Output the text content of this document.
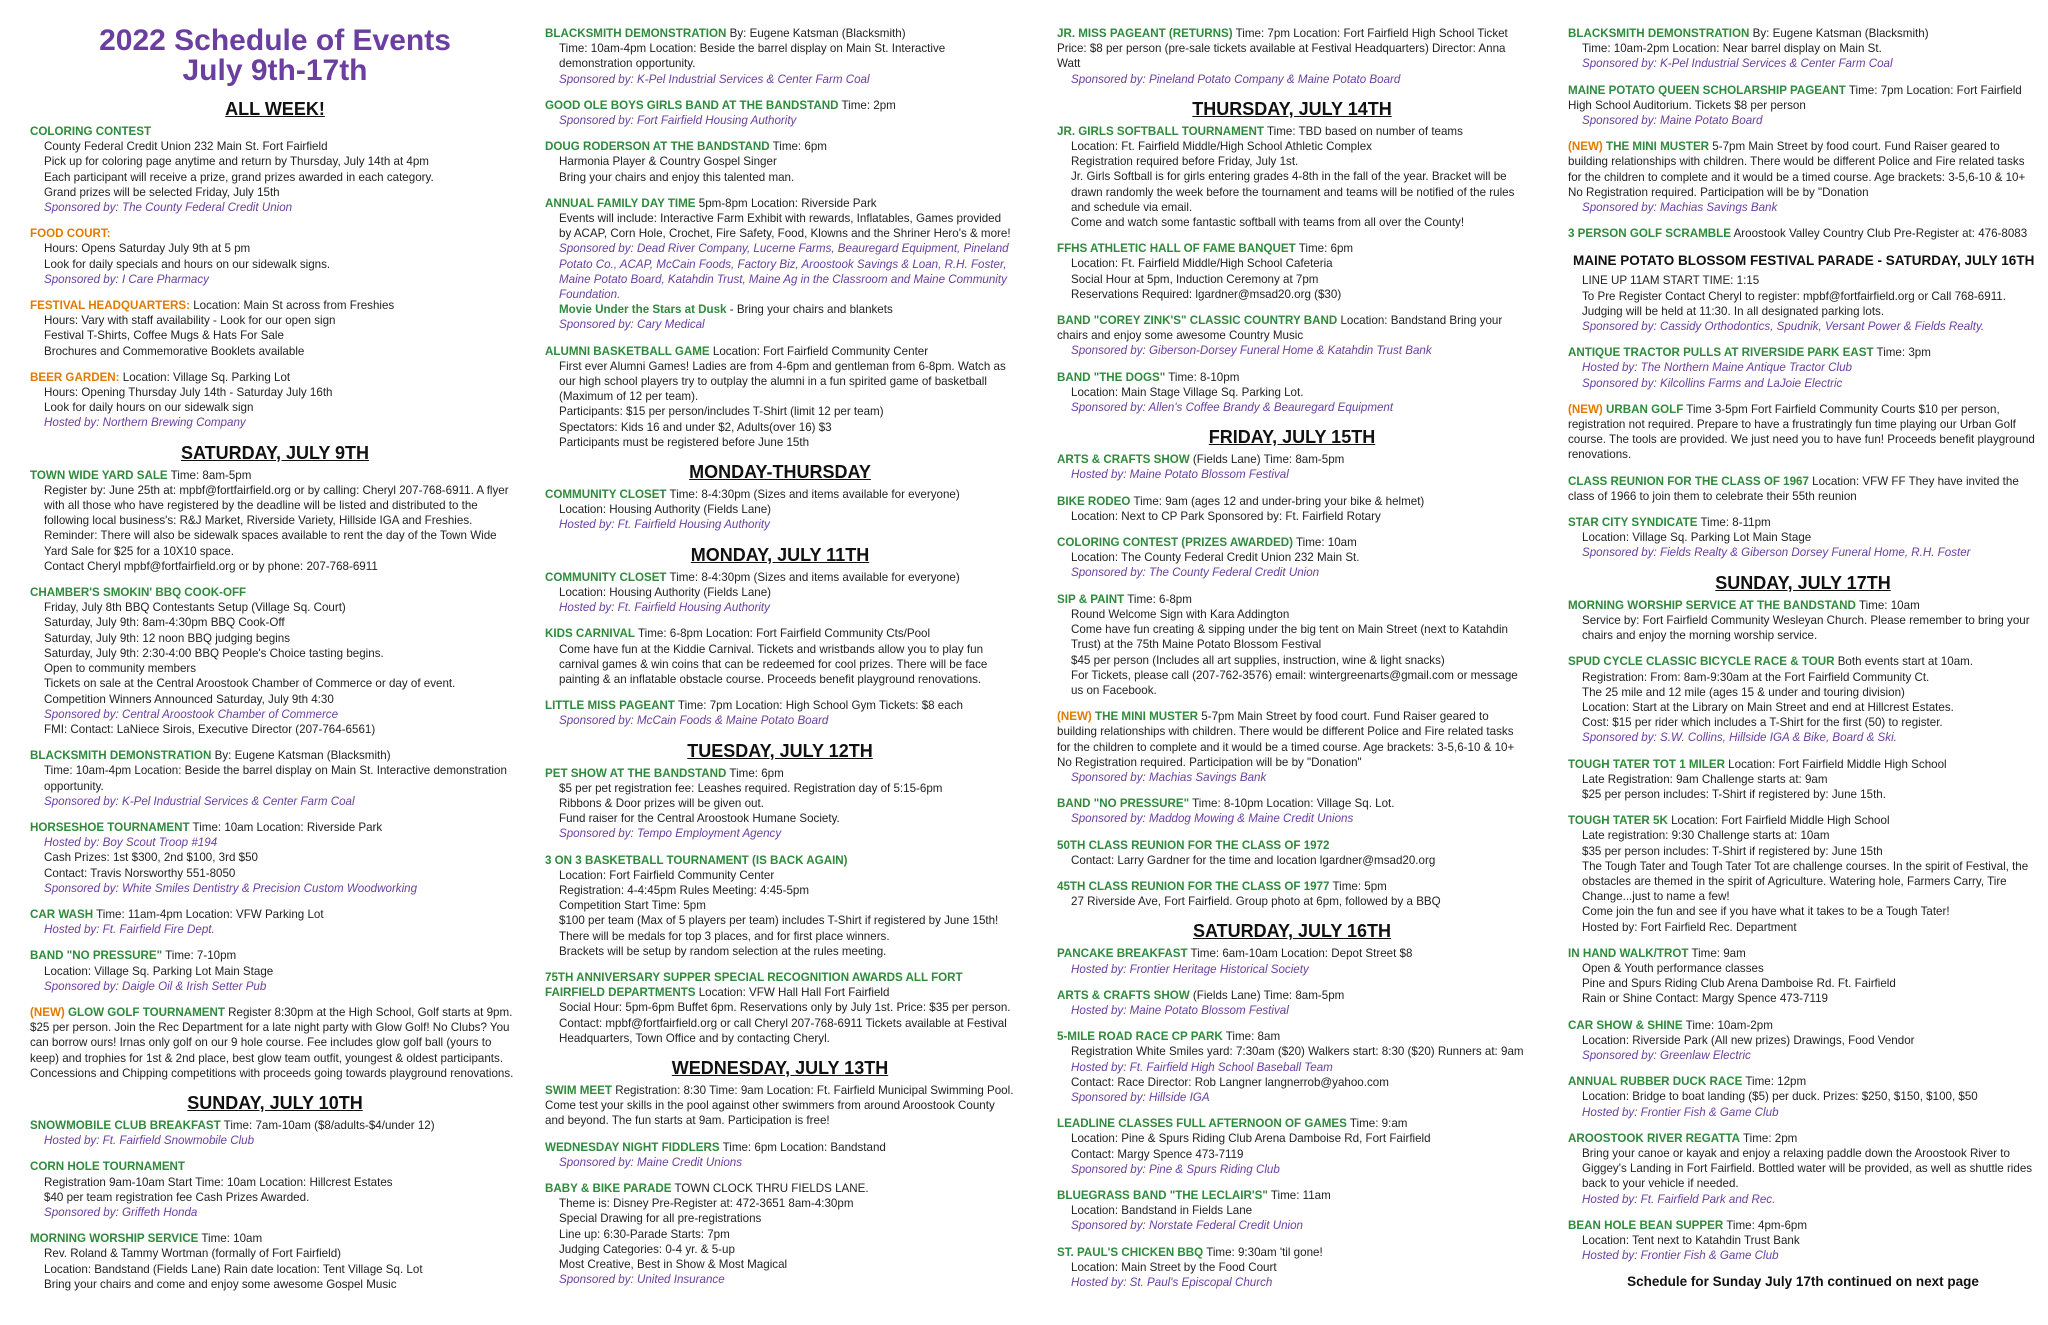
2022 Schedule of Events
July 9th-17th
ALL WEEK!
COLORING CONTEST
County Federal Credit Union 232 Main St. Fort Fairfield
Pick up for coloring page anytime and return by Thursday, July 14th at 4pm
Each participant will receive a prize, grand prizes awarded in each category.
Grand prizes will be selected Friday, July 15th
Sponsored by: The County Federal Credit Union
FOOD COURT:
Hours: Opens Saturday July 9th at 5 pm
Look for daily specials and hours on our sidewalk signs.
Sponsored by: I Care Pharmacy
FESTIVAL HEADQUARTERS: Location: Main St across from Freshies
Hours: Vary with staff availability - Look for our open sign
Festival T-Shirts, Coffee Mugs & Hats For Sale
Brochures and Commemorative Booklets available
BEER GARDEN: Location: Village Sq. Parking Lot
Hours: Opening Thursday July 14th - Saturday July 16th
Look for daily hours on our sidewalk sign
Hosted by: Northern Brewing Company
SATURDAY, JULY 9TH
TOWN WIDE YARD SALE Time: 8am-5pm
Register by: June 25th at: mpbf@fortfairfield.org or by calling: Cheryl 207-768-6911. A flyer with all those who have registered by the deadline will be listed and distributed to the following local business's: R&J Market, Riverside Variety, Hillside IGA and Freshies.
Reminder: There will also be sidewalk spaces available to rent the day of the Town Wide Yard Sale for $25 for a 10X10 space.
Contact Cheryl mpbf@fortfairfield.org or by phone: 207-768-6911
CHAMBER'S SMOKIN' BBQ COOK-OFF
Friday, July 8th BBQ Contestants Setup (Village Sq. Court)
Saturday, July 9th: 8am-4:30pm BBQ Cook-Off
Saturday, July 9th: 12 noon BBQ judging begins
Saturday, July 9th: 2:30-4:00 BBQ People's Choice tasting begins.
Open to community members
Tickets on sale at the Central Aroostook Chamber of Commerce or day of event.
Competition Winners Announced Saturday, July 9th 4:30
Sponsored by: Central Aroostook Chamber of Commerce
FMI: Contact: LaNiece Sirois, Executive Director (207-764-6561)
BLACKSMITH DEMONSTRATION By: Eugene Katsman (Blacksmith)
Time: 10am-4pm Location: Beside the barrel display on Main St. Interactive demonstration opportunity.
Sponsored by: K-Pel Industrial Services & Center Farm Coal
HORSESHOE TOURNAMENT Time: 10am Location: Riverside Park
Hosted by: Boy Scout Troop #194
Cash Prizes: 1st $300, 2nd $100, 3rd $50
Contact: Travis Norsworthy 551-8050
Sponsored by: White Smiles Dentistry & Precision Custom Woodworking
CAR WASH Time: 11am-4pm Location: VFW Parking Lot
Hosted by: Ft. Fairfield Fire Dept.
BAND "NO PRESSURE" Time: 7-10pm
Location: Village Sq. Parking Lot Main Stage
Sponsored by: Daigle Oil & Irish Setter Pub
(NEW) GLOW GOLF TOURNAMENT Register 8:30pm at the High School, Golf starts at 9pm. $25 per person. Join the Rec Department for a late night party with Glow Golf! No Clubs? You can borrow ours! Irnas only golf on our 9 hole course. Fee includes glow golf ball (yours to keep) and trophies for 1st & 2nd place, best glow team outfit, youngest & oldest participants. Concessions and Chipping competitions with proceeds going towards playground renovations.
SUNDAY, JULY 10TH
SNOWMOBILE CLUB BREAKFAST Time: 7am-10am ($8/adults-$4/under 12)
Hosted by: Ft. Fairfield Snowmobile Club
CORN HOLE TOURNAMENT
Registration 9am-10am Start Time: 10am Location: Hillcrest Estates
$40 per team registration fee Cash Prizes Awarded.
Sponsored by: Griffeth Honda
MORNING WORSHIP SERVICE Time: 10am
Rev. Roland & Tammy Wortman (formally of Fort Fairfield)
Location: Bandstand (Fields Lane) Rain date location: Tent Village Sq. Lot
Bring your chairs and come and enjoy some awesome Gospel Music
BLACKSMITH DEMONSTRATION By: Eugene Katsman (Blacksmith)
Time: 10am-4pm Location: Beside the barrel display on Main St. Interactive demonstration opportunity.
Sponsored by: K-Pel Industrial Services & Center Farm Coal
GOOD OLE BOYS GIRLS BAND AT THE BANDSTAND Time: 2pm
Sponsored by: Fort Fairfield Housing Authority
DOUG RODERSON AT THE BANDSTAND Time: 6pm
Harmonia Player & Country Gospel Singer
Bring your chairs and enjoy this talented man.
ANNUAL FAMILY DAY TIME 5pm-8pm Location: Riverside Park
Events will include: Interactive Farm Exhibit with rewards, Inflatables, Games provided by ACAP, Corn Hole, Crochet, Fire Safety, Food, Klowns and the Shriner Hero's & more!
Sponsored by: Dead River Company, Lucerne Farms, Beauregard Equipment, Pineland Potato Co., ACAP, McCain Foods, Factory Biz, Aroostook Savings & Loan, R.H. Foster, Maine Potato Board, Katahdin Trust, Maine Ag in the Classroom and Maine Community Foundation.
Movie Under the Stars at Dusk - Bring your chairs and blankets
Sponsored by: Cary Medical
ALUMNI BASKETBALL GAME Location: Fort Fairfield Community Center
First ever Alumni Games! Ladies are from 4-6pm and gentleman from 6-8pm. Watch as our high school players try to outplay the alumni in a fun spirited game of basketball (Maximum of 12 per team).
Participants: $15 per person/includes T-Shirt (limit 12 per team)
Spectators: Kids 16 and under $2, Adults(over 16) $3
Participants must be registered before June 15th
MONDAY-THURSDAY
COMMUNITY CLOSET Time: 8-4:30pm (Sizes and items available for everyone)
Location: Housing Authority (Fields Lane)
Hosted by: Ft. Fairfield Housing Authority
MONDAY, JULY 11TH
COMMUNITY CLOSET Time: 8-4:30pm (Sizes and items available for everyone)
Location: Housing Authority (Fields Lane)
Hosted by: Ft. Fairfield Housing Authority
KIDS CARNIVAL Time: 6-8pm Location: Fort Fairfield Community Cts/Pool
Come have fun at the Kiddie Carnival. Tickets and wristbands allow you to play fun carnival games & win coins that can be redeemed for cool prizes. There will be face painting & an inflatable obstacle course. Proceeds benefit playground renovations.
LITTLE MISS PAGEANT Time: 7pm Location: High School Gym Tickets: $8 each
Sponsored by: McCain Foods & Maine Potato Board
TUESDAY, JULY 12TH
PET SHOW AT THE BANDSTAND Time: 6pm
$5 per pet registration fee: Leashes required. Registration day of 5:15-6pm
Ribbons & Door prizes will be given out.
Fund raiser for the Central Aroostook Humane Society.
Sponsored by: Tempo Employment Agency
3 ON 3 BASKETBALL TOURNAMENT (IS BACK AGAIN)
Location: Fort Fairfield Community Center
Registration: 4-4:45pm Rules Meeting: 4:45-5pm
Competition Start Time: 5pm
$100 per team (Max of 5 players per team) includes T-Shirt if registered by June 15th! There will be medals for top 3 places, and for first place winners.
Brackets will be setup by random selection at the rules meeting.
75TH ANNIVERSARY SUPPER SPECIAL RECOGNITION AWARDS ALL FORT FAIRFIELD DEPARTMENTS Location: VFW Hall Hall Fort Fairfield
Social Hour: 5pm-6pm Buffet 6pm. Reservations only by July 1st. Price: $35 per person. Contact: mpbf@fortfairfield.org or call Cheryl 207-768-6911 Tickets available at Festival Headquarters, Town Office and by contacting Cheryl.
WEDNESDAY, JULY 13TH
SWIM MEET Registration: 8:30 Time: 9am Location: Ft. Fairfield Municipal Swimming Pool. Come test your skills in the pool against other swimmers from around Aroostook County and beyond. The fun starts at 9am. Participation is free!
WEDNESDAY NIGHT FIDDLERS Time: 6pm Location: Bandstand
Sponsored by: Maine Credit Unions
BABY & BIKE PARADE TOWN CLOCK THRU FIELDS LANE.
Theme is: Disney Pre-Register at: 472-3651 8am-4:30pm
Special Drawing for all pre-registrations
Line up: 6:30-Parade Starts: 7pm
Judging Categories: 0-4 yr. & 5-up
Most Creative, Best in Show & Most Magical
Sponsored by: United Insurance
JR. MISS PAGEANT (RETURNS) Time: 7pm Location: Fort Fairfield High School Ticket Price: $8 per person (pre-sale tickets available at Festival Headquarters) Director: Anna Watt
Sponsored by: Pineland Potato Company & Maine Potato Board
THURSDAY, JULY 14TH
JR. GIRLS SOFTBALL TOURNAMENT Time: TBD based on number of teams
Location: Ft. Fairfield Middle/High School Athletic Complex
Registration required before Friday, July 1st.
Jr. Girls Softball is for girls entering grades 4-8th in the fall of the year. Bracket will be drawn randomly the week before the tournament and teams will be notified of the rules and schedule via email.
Come and watch some fantastic softball with teams from all over the County!
FFHS ATHLETIC HALL OF FAME BANQUET Time: 6pm
Location: Ft. Fairfield Middle/High School Cafeteria
Social Hour at 5pm, Induction Ceremony at 7pm
Reservations Required: lgardner@msad20.org ($30)
BAND "COREY ZINK'S" CLASSIC COUNTRY BAND Location: Bandstand Bring your chairs and enjoy some awesome Country Music
Sponsored by: Giberson-Dorsey Funeral Home & Katahdin Trust Bank
BAND "THE DOGS" Time: 8-10pm
Location: Main Stage Village Sq. Parking Lot.
Sponsored by: Allen's Coffee Brandy & Beauregard Equipment
FRIDAY, JULY 15TH
ARTS & CRAFTS SHOW (Fields Lane) Time: 8am-5pm
Hosted by: Maine Potato Blossom Festival
BIKE RODEO Time: 9am (ages 12 and under-bring your bike & helmet)
Location: Next to CP Park Sponsored by: Ft. Fairfield Rotary
COLORING CONTEST (PRIZES AWARDED) Time: 10am
Location: The County Federal Credit Union 232 Main St.
Sponsored by: The County Federal Credit Union
SIP & PAINT Time: 6-8pm
Round Welcome Sign with Kara Addington
Come have fun creating & sipping under the big tent on Main Street (next to Katahdin Trust) at the 75th Maine Potato Blossom Festival
$45 per person (Includes all art supplies, instruction, wine & light snacks)
For Tickets, please call (207-762-3576) email: wintergreenarts@gmail.com or message us on Facebook.
(NEW) THE MINI MUSTER 5-7pm Main Street by food court. Fund Raiser geared to building relationships with children. There would be different Police and Fire related tasks for the children to complete and it would be a timed course. Age brackets: 3-5,6-10 & 10+ No Registration required. Participation will be by "Donation"
Sponsored by: Machias Savings Bank
BAND "NO PRESSURE" Time: 8-10pm Location: Village Sq. Lot.
Sponsored by: Maddog Mowing & Maine Credit Unions
50TH CLASS REUNION FOR THE CLASS OF 1972
Contact: Larry Gardner for the time and location lgardner@msad20.org
45TH CLASS REUNION FOR THE CLASS OF 1977 Time: 5pm
27 Riverside Ave, Fort Fairfield. Group photo at 6pm, followed by a BBQ
SATURDAY, JULY 16TH
PANCAKE BREAKFAST Time: 6am-10am Location: Depot Street $8
Hosted by: Frontier Heritage Historical Society
ARTS & CRAFTS SHOW (Fields Lane) Time: 8am-5pm
Hosted by: Maine Potato Blossom Festival
5-MILE ROAD RACE CP PARK Time: 8am
Registration White Smiles yard: 7:30am ($20) Walkers start: 8:30 ($20) Runners at: 9am
Hosted by: Ft. Fairfield High School Baseball Team
Contact: Race Director: Rob Langner langnerrob@yahoo.com
Sponsored by: Hillside IGA
LEADLINE CLASSES FULL AFTERNOON OF GAMES Time: 9:am
Location: Pine & Spurs Riding Club Arena Damboise Rd, Fort Fairfield
Contact: Margy Spence 473-7119
Sponsored by: Pine & Spurs Riding Club
BLUEGRASS BAND "THE LECLAIR'S" Time: 11am
Location: Bandstand in Fields Lane
Sponsored by: Norstate Federal Credit Union
ST. PAUL'S CHICKEN BBQ Time: 9:30am 'til gone!
Location: Main Street by the Food Court
Hosted by: St. Paul's Episcopal Church
BLACKSMITH DEMONSTRATION By: Eugene Katsman (Blacksmith)
Time: 10am-2pm Location: Near barrel display on Main St.
Sponsored by: K-Pel Industrial Services & Center Farm Coal
MAINE POTATO QUEEN SCHOLARSHIP PAGEANT Time: 7pm Location: Fort Fairfield High School Auditorium. Tickets $8 per person
Sponsored by: Maine Potato Board
(NEW) THE MINI MUSTER 5-7pm Main Street by food court. Fund Raiser geared to building relationships with children. There would be different Police and Fire related tasks for the children to complete and it would be a timed course. Age brackets: 3-5,6-10 & 10+ No Registration required. Participation will be by "Donation
Sponsored by: Machias Savings Bank
3 PERSON GOLF SCRAMBLE Aroostook Valley Country Club Pre-Register at: 476-8083
MAINE POTATO BLOSSOM FESTIVAL PARADE - SATURDAY, JULY 16TH
LINE UP 11AM START TIME: 1:15
To Pre Register Contact Cheryl to register: mpbf@fortfairfield.org or Call 768-6911. Judging will be held at 11:30. In all designated parking lots.
Sponsored by: Cassidy Orthodontics, Spudnik, Versant Power & Fields Realty.
ANTIQUE TRACTOR PULLS AT RIVERSIDE PARK EAST Time: 3pm
Hosted by: The Northern Maine Antique Tractor Club
Sponsored by: Kilcollins Farms and LaJoie Electric
(NEW) URBAN GOLF Time 3-5pm Fort Fairfield Community Courts $10 per person, registration not required. Prepare to have a frustratingly fun time playing our Urban Golf course. The tools are provided. We just need you to have fun! Proceeds benefit playground renovations.
CLASS REUNION FOR THE CLASS OF 1967 Location: VFW FF They have invited the class of 1966 to join them to celebrate their 55th reunion
STAR CITY SYNDICATE Time: 8-11pm
Location: Village Sq. Parking Lot Main Stage
Sponsored by: Fields Realty & Giberson Dorsey Funeral Home, R.H. Foster
SUNDAY, JULY 17TH
MORNING WORSHIP SERVICE AT THE BANDSTAND Time: 10am
Service by: Fort Fairfield Community Wesleyan Church. Please remember to bring your chairs and enjoy the morning worship service.
SPUD CYCLE CLASSIC BICYCLE RACE & TOUR Both events start at 10am.
Registration: From: 8am-9:30am at the Fort Fairfield Community Ct.
The 25 mile and 12 mile (ages 15 & under and touring division)
Location: Start at the Library on Main Street and end at Hillcrest Estates.
Cost: $15 per rider which includes a T-Shirt for the first (50) to register.
Sponsored by: S.W. Collins, Hillside IGA & Bike, Board & Ski.
TOUGH TATER TOT 1 MILER Location: Fort Fairfield Middle High School
Late Registration: 9am Challenge starts at: 9am
$25 per person includes: T-Shirt if registered by: June 15th.
TOUGH TATER 5K Location: Fort Fairfield Middle High School
Late registration: 9:30 Challenge starts at: 10am
$35 per person includes: T-Shirt if registered by: June 15th
The Tough Tater and Tough Tater Tot are challenge courses. In the spirit of Festival, the obstacles are themed in the spirit of Agriculture. Watering hole, Farmers Carry, Tire Change...just to name a few!
Come join the fun and see if you have what it takes to be a Tough Tater!
Hosted by: Fort Fairfield Rec. Department
IN HAND WALK/TROT Time: 9am
Open & Youth performance classes
Pine and Spurs Riding Club Arena Damboise Rd. Ft. Fairfield
Rain or Shine Contact: Margy Spence 473-7119
CAR SHOW & SHINE Time: 10am-2pm
Location: Riverside Park (All new prizes) Drawings, Food Vendor
Sponsored by: Greenlaw Electric
ANNUAL RUBBER DUCK RACE Time: 12pm
Location: Bridge to boat landing ($5) per duck. Prizes: $250, $150, $100, $50
Hosted by: Frontier Fish & Game Club
AROOSTOOK RIVER REGATTA Time: 2pm
Bring your canoe or kayak and enjoy a relaxing paddle down the Aroostook River to Giggey's Landing in Fort Fairfield. Bottled water will be provided, as well as shuttle rides back to your vehicle if needed.
Hosted by: Ft. Fairfield Park and Rec.
BEAN HOLE BEAN SUPPER Time: 4pm-6pm
Location: Tent next to Katahdin Trust Bank
Hosted by: Frontier Fish & Game Club
Schedule for Sunday July 17th continued on next page
